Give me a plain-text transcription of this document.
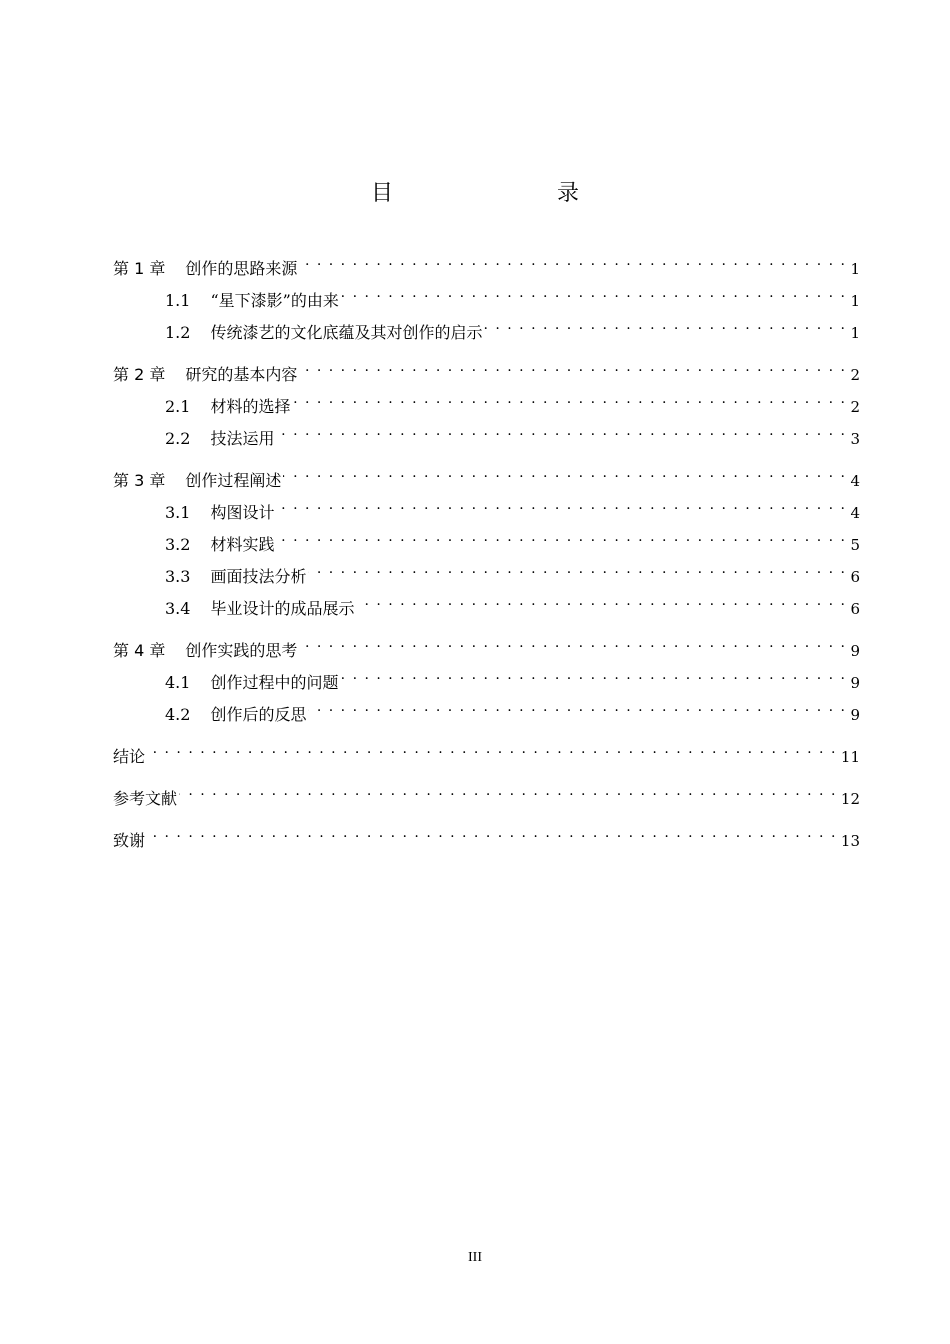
目　　录
第 1 章 创作的思路来源 . . .	1
1.1 “星下漆影”的由来 . . .	1
1.2 传统漆艺的文化底蕴及其对创作的启示 . . .	1
第 2 章 研究的基本内容 . . .	2
2.1 材料的选择 . . .	2
2.2 技法运用 . . .	3
第 3 章 创作过程阐述 . . .	4
3.1 构图设计 . . .	4
3.2 材料实践 . . .	5
3.3 画面技法分析 . . .	6
3.4 毕业设计的成品展示 . . .	6
第 4 章 创作实践的思考 . . .	9
4.1 创作过程中的问题 . . .	9
4.2 创作后的反思 . . .	9
结论 . . .	11
参考文献 . . .	12
致谢 . . .	13
III
